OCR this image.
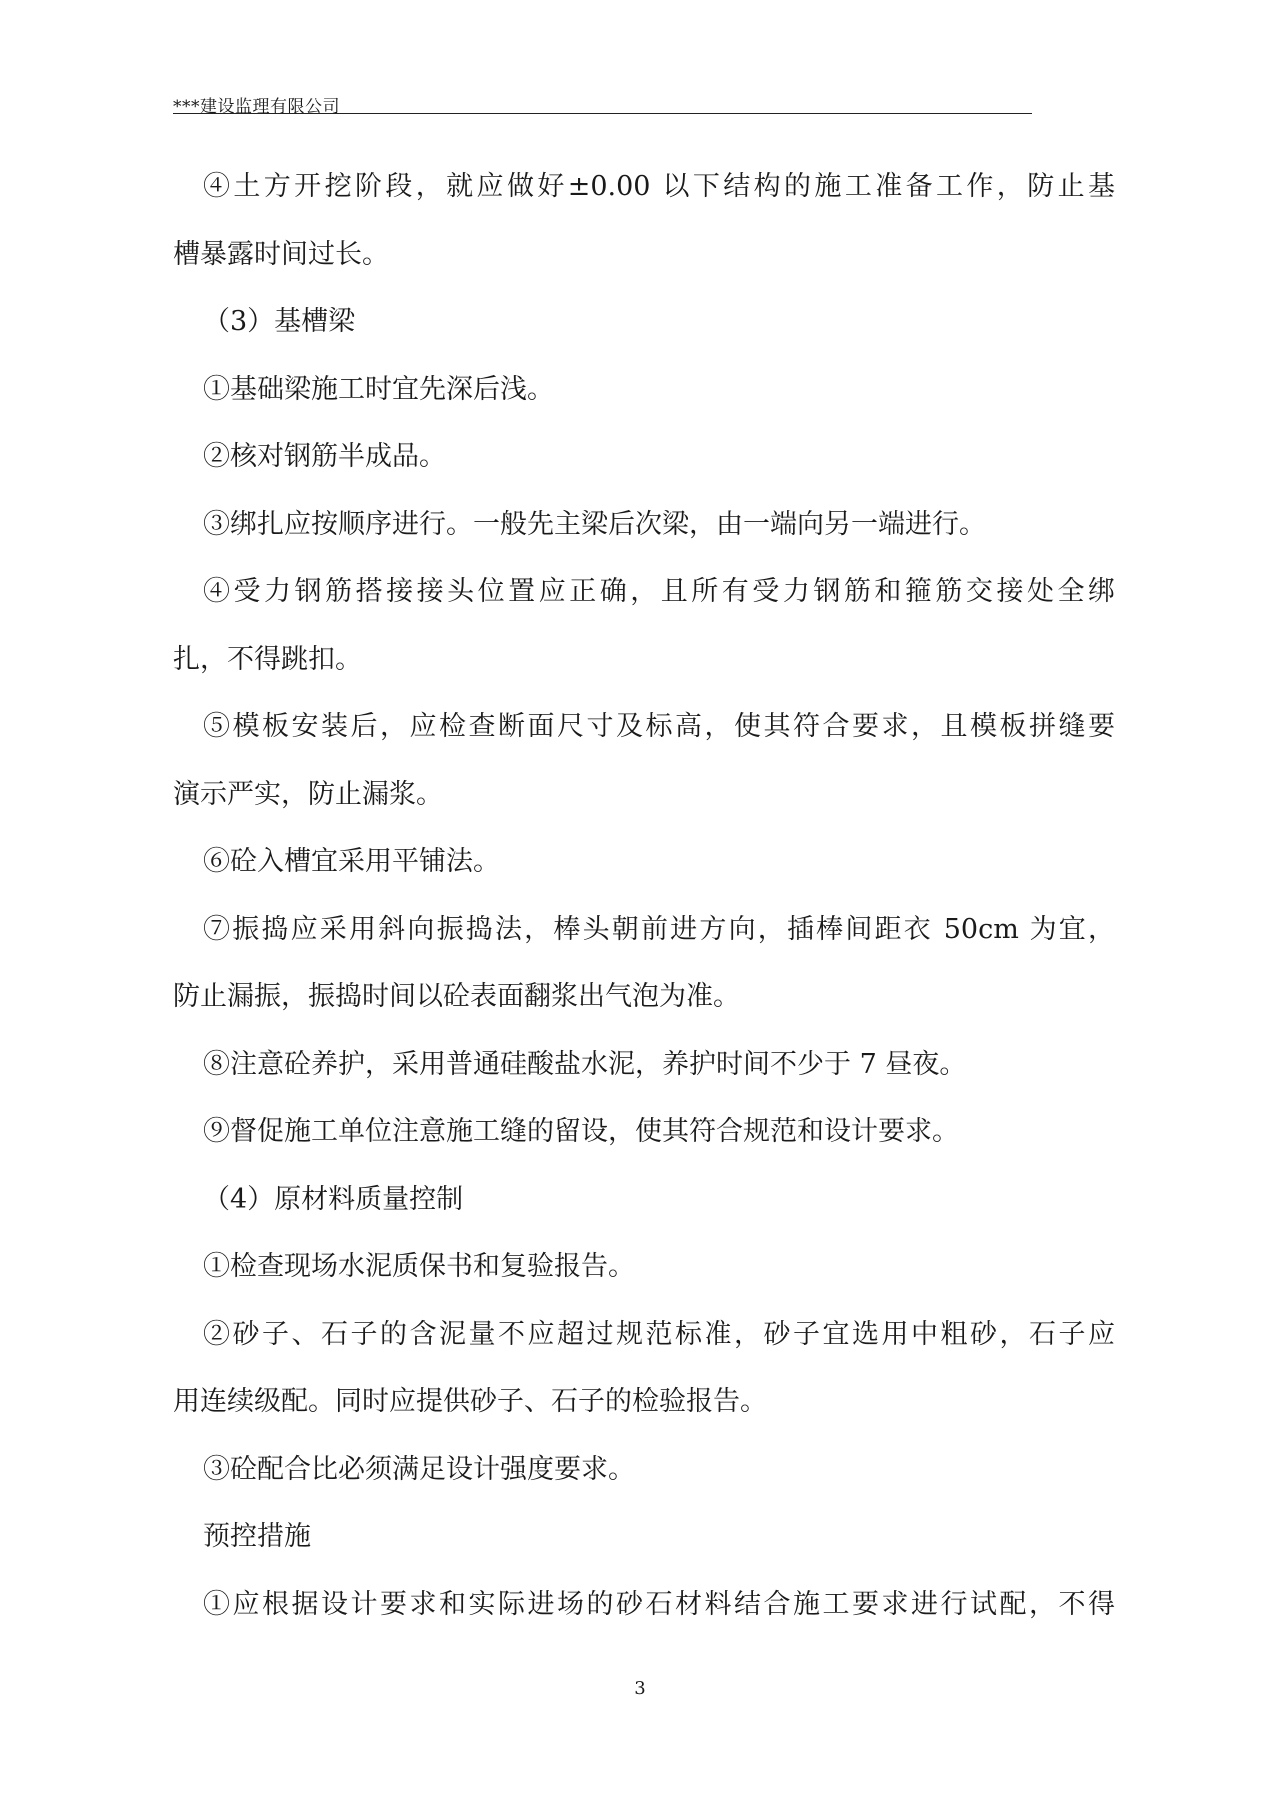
***建设监理有限公司
④土方开挖阶段，就应做好±0.00 以下结构的施工准备工作，防止基
槽暴露时间过长。
（3）基槽梁
①基础梁施工时宜先深后浅。
②核对钢筋半成品。
③绑扎应按顺序进行。一般先主梁后次梁，由一端向另一端进行。
④受力钢筋搭接接头位置应正确，且所有受力钢筋和箍筋交接处全绑
扎，不得跳扣。
⑤模板安装后，应检查断面尺寸及标高，使其符合要求，且模板拼缝要
演示严实，防止漏浆。
⑥砼入槽宜采用平铺法。
⑦振捣应采用斜向振捣法，棒头朝前进方向，插棒间距衣 50cm 为宜，
防止漏振，振捣时间以砼表面翻浆出气泡为准。
⑧注意砼养护，采用普通硅酸盐水泥，养护时间不少于 7 昼夜。
⑨督促施工单位注意施工缝的留设，使其符合规范和设计要求。
（4）原材料质量控制
①检查现场水泥质保书和复验报告。
②砂子、石子的含泥量不应超过规范标准，砂子宜选用中粗砂，石子应
用连续级配。同时应提供砂子、石子的检验报告。
③砼配合比必须满足设计强度要求。
预控措施
①应根据设计要求和实际进场的砂石材料结合施工要求进行试配，不得
3
